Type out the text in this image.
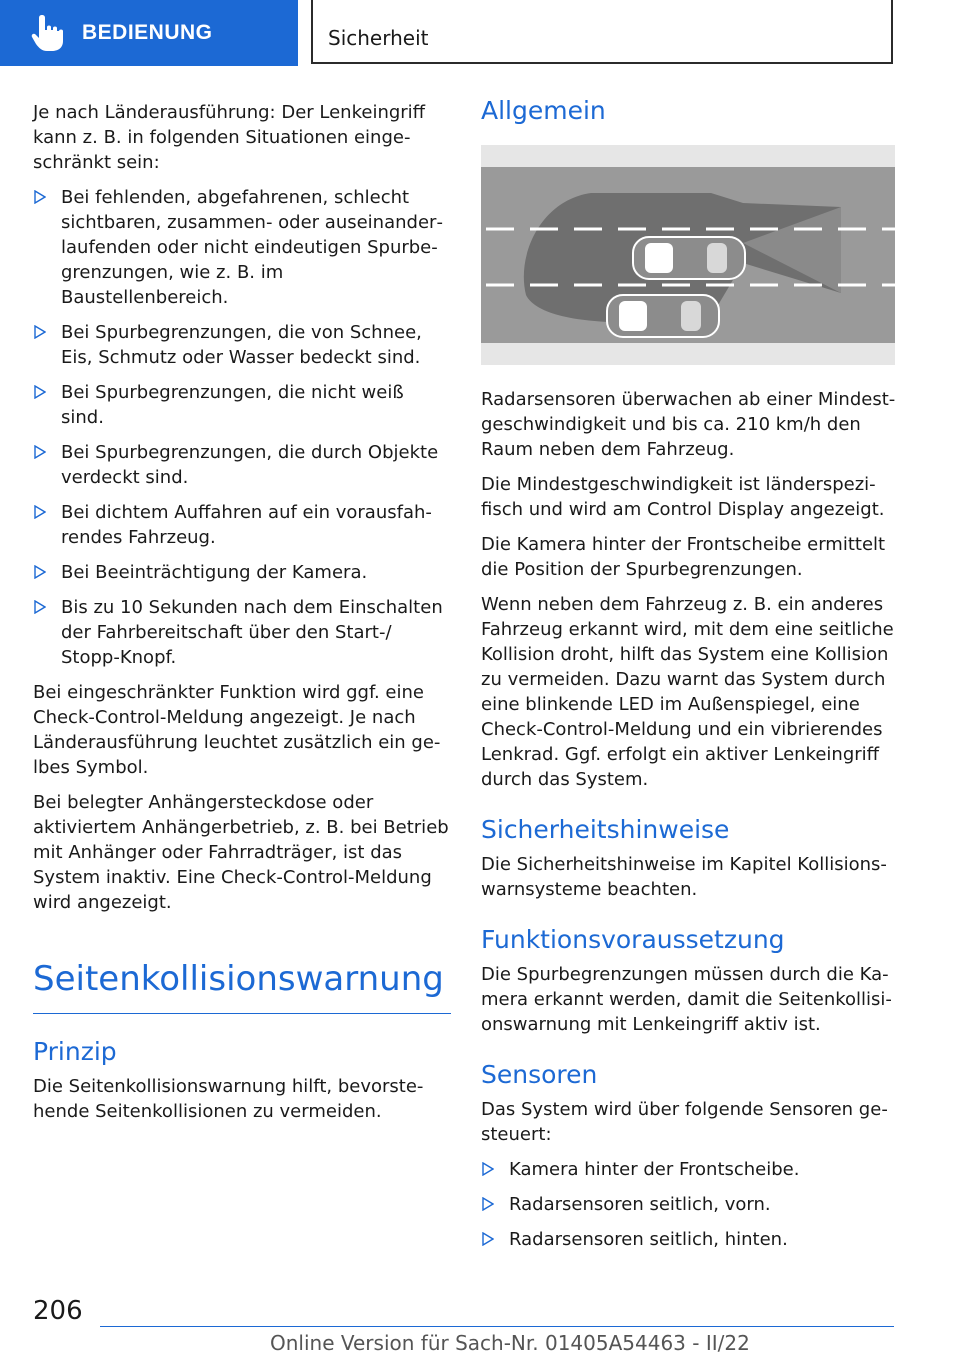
BEDIENUNG	Sicherheit

Je nach Länderausführung: Der Lenkeingriff kann z. B. in folgenden Situationen eingeschränkt sein:

Bei fehlenden, abgefahrenen, schlecht sichtbaren, zusammen- oder auseinanderlaufenden oder nicht eindeutigen Spurbegrenzungen, wie z. B. im Baustellenbereich.
Bei Spurbegrenzungen, die von Schnee, Eis, Schmutz oder Wasser bedeckt sind.
Bei Spurbegrenzungen, die nicht weiß sind.
Bei Spurbegrenzungen, die durch Objekte verdeckt sind.
Bei dichtem Auffahren auf ein vorausfahrendes Fahrzeug.
Bei Beeinträchtigung der Kamera.
Bis zu 10 Sekunden nach dem Einschalten der Fahrbereitschaft über den Start-/ Stopp-Knopf.

Bei eingeschränkter Funktion wird ggf. eine Check-Control-Meldung angezeigt. Je nach Länderausführung leuchtet zusätzlich ein gelbes Symbol.

Bei belegter Anhängersteckdose oder aktiviertem Anhängerbetrieb, z. B. bei Betrieb mit Anhänger oder Fahrradträger, ist das System inaktiv. Eine Check-Control-Meldung wird angezeigt.

Seitenkollisionswarnung
Prinzip

Die Seitenkollisionswarnung hilft, bevorstehende Seitenkollisionen zu vermeiden.

Allgemein

Radarsensoren überwachen ab einer Mindestgeschwindigkeit und bis ca. 210 km/h den Raum neben dem Fahrzeug.

Die Mindestgeschwindigkeit ist länderspezifisch und wird am Control Display angezeigt.

Die Kamera hinter der Frontscheibe ermittelt die Position der Spurbegrenzungen.

Wenn neben dem Fahrzeug z. B. ein anderes Fahrzeug erkannt wird, mit dem eine seitliche Kollision droht, hilft das System eine Kollision zu vermeiden. Dazu warnt das System durch eine blinkende LED im Außenspiegel, eine Check-Control-Meldung und ein vibrierendes Lenkrad. Ggf. erfolgt ein aktiver Lenkeingriff durch das System.

Sicherheitshinweise

Die Sicherheitshinweise im Kapitel Kollisionswarnsysteme beachten.

Funktionsvoraussetzung

Die Spurbegrenzungen müssen durch die Kamera erkannt werden, damit die Seitenkollisionswarnung mit Lenkeingriff aktiv ist.

Sensoren

Das System wird über folgende Sensoren gesteuert:

Kamera hinter der Frontscheibe.
Radarsensoren seitlich, vorn.
Radarsensoren seitlich, hinten.
206
Online Version für Sach-Nr. 01405A54463 - II/22
